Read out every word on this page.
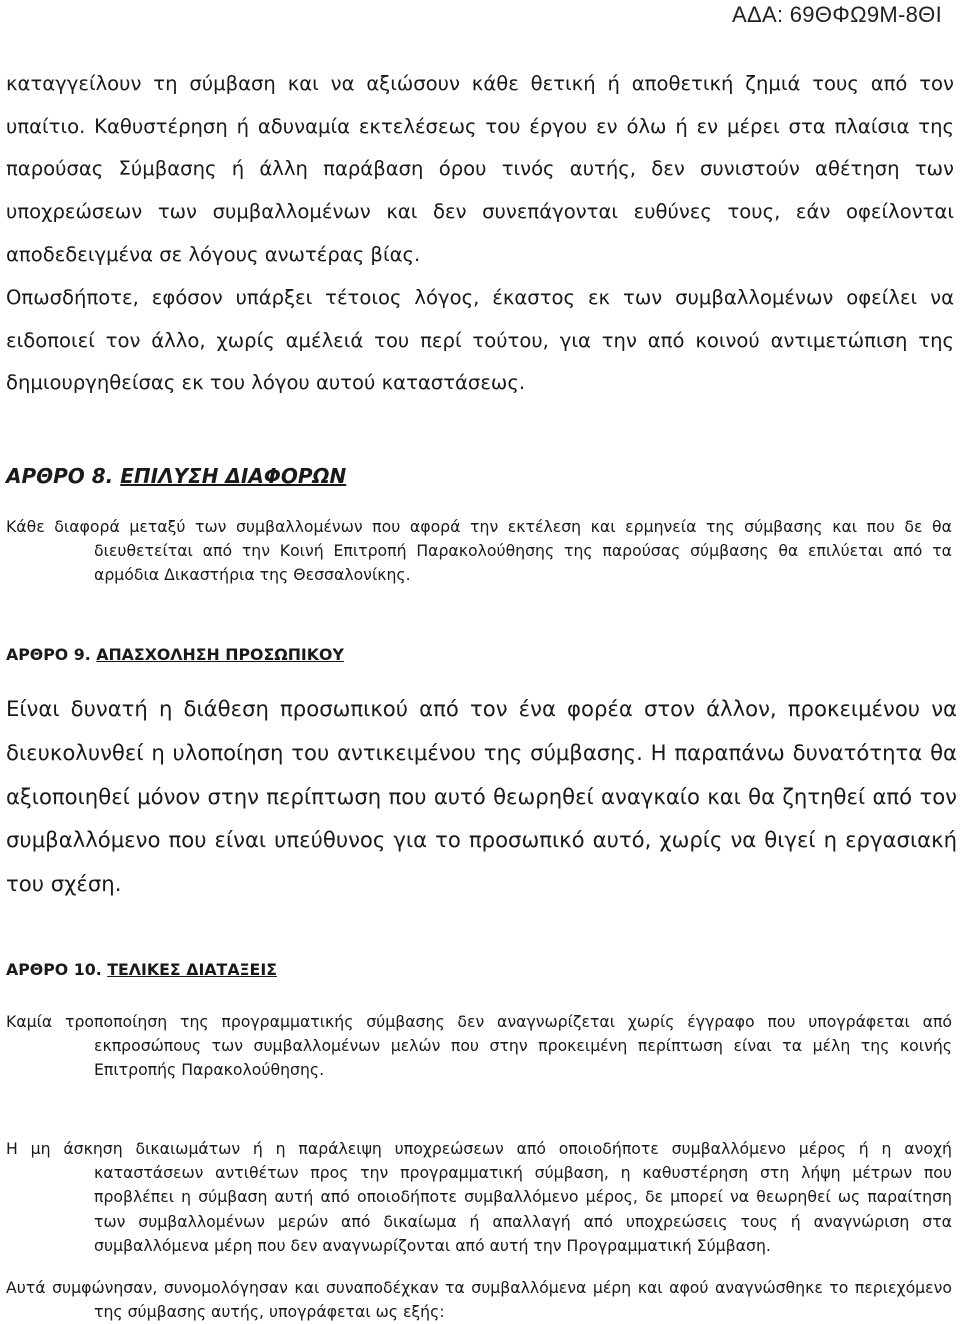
ΑΔΑ: 69ΘΦΩ9Μ-8ΘΙ

καταγγείλουν τη σύμβαση και να αξιώσουν κάθε θετική ή αποθετική ζημιά τους από τον υπαίτιο. Καθυστέρηση ή αδυναμία εκτελέσεως του έργου εν όλω ή εν μέρει στα πλαίσια της παρούσας Σύμβασης ή άλλη παράβαση όρου τινός αυτής, δεν συνιστούν αθέτηση των υποχρεώσεων των συμβαλλομένων και δεν συνεπάγονται ευθύνες τους, εάν οφείλονται αποδεδειγμένα σε λόγους ανωτέρας βίας.

Οπωσδήποτε, εφόσον υπάρξει τέτοιος λόγος, έκαστος εκ των συμβαλλομένων οφείλει να ειδοποιεί τον άλλο, χωρίς αμέλειά του περί τούτου, για την από κοινού αντιμετώπιση της δημιουργηθείσας εκ του λόγου αυτού καταστάσεως.

ΑΡΘΡΟ 8. ΕΠΙΛΥΣΗ ΔΙΑΦΟΡΩΝ

Κάθε διαφορά μεταξύ των συμβαλλομένων που αφορά την εκτέλεση και ερμηνεία της σύμβασης και που δε θα διευθετείται από την Κοινή Επιτροπή Παρακολούθησης της παρούσας σύμβασης θα επιλύεται από τα αρμόδια Δικαστήρια της Θεσσαλονίκης.

ΑΡΘΡΟ 9. ΑΠΑΣΧΟΛΗΣΗ ΠΡΟΣΩΠΙΚΟΥ

Είναι δυνατή η διάθεση προσωπικού από τον ένα φορέα στον άλλον, προκειμένου να διευκολυνθεί η υλοποίηση του αντικειμένου της σύμβασης. Η παραπάνω δυνατότητα θα αξιοποιηθεί μόνον στην περίπτωση που αυτό θεωρηθεί αναγκαίο και θα ζητηθεί από τον συμβαλλόμενο που είναι υπεύθυνος για το προσωπικό αυτό, χωρίς να θιγεί η εργασιακή του σχέση.

ΑΡΘΡΟ 10. ΤΕΛΙΚΕΣ ΔΙΑΤΑΞΕΙΣ

Καμία τροποποίηση της προγραμματικής σύμβασης δεν αναγνωρίζεται χωρίς έγγραφο που υπογράφεται από εκπροσώπους των συμβαλλομένων μελών που στην προκειμένη περίπτωση είναι τα μέλη της κοινής Επιτροπής Παρακολούθησης.

Η μη άσκηση δικαιωμάτων ή η παράλειψη υποχρεώσεων από οποιοδήποτε συμβαλλόμενο μέρος ή η ανοχή καταστάσεων αντιθέτων προς την προγραμματική σύμβαση, η καθυστέρηση στη λήψη μέτρων που προβλέπει η σύμβαση αυτή από οποιοδήποτε συμβαλλόμενο μέρος, δε μπορεί να θεωρηθεί ως παραίτηση των συμβαλλομένων μερών από δικαίωμα ή απαλλαγή από υποχρεώσεις τους ή αναγνώριση στα συμβαλλόμενα μέρη που δεν αναγνωρίζονται από αυτή την Προγραμματική Σύμβαση.

Αυτά συμφώνησαν, συνομολόγησαν και συναποδέχκαν τα συμβαλλόμενα μέρη και αφού αναγνώσθηκε το περιεχόμενο της σύμβασης αυτής, υπογράφεται ως εξής:
